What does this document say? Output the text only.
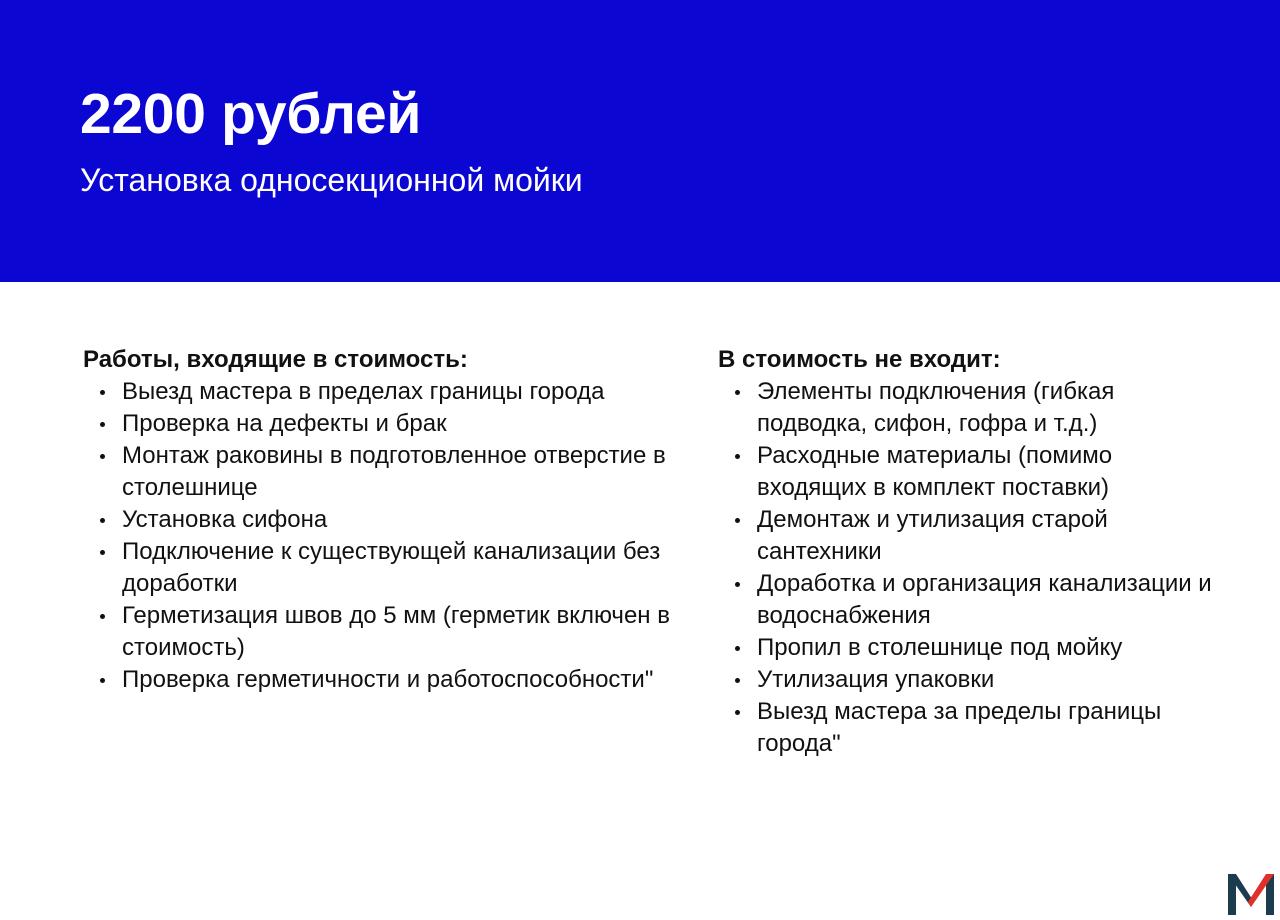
2200 рублей

Установка односекционной мойки

Работы, входящие в стоимость:
Выезд мастера в пределах границы города
Проверка на дефекты и брак
Монтаж раковины в подготовленное отверстие в столешнице
Установка сифона
Подключение к существующей канализации без доработки
Герметизация швов до 5 мм (герметик включен в стоимость)
Проверка герметичности и работоспособности"
В стоимость не входит:
Элементы подключения (гибкая подводка, сифон, гофра и т.д.)
Расходные материалы (помимо входящих в комплект поставки)
Демонтаж и утилизация старой сантехники
Доработка и организация канализации и водоснабжения
Пропил в столешнице под мойку
Утилизация упаковки
Выезд мастера за пределы границы города"
